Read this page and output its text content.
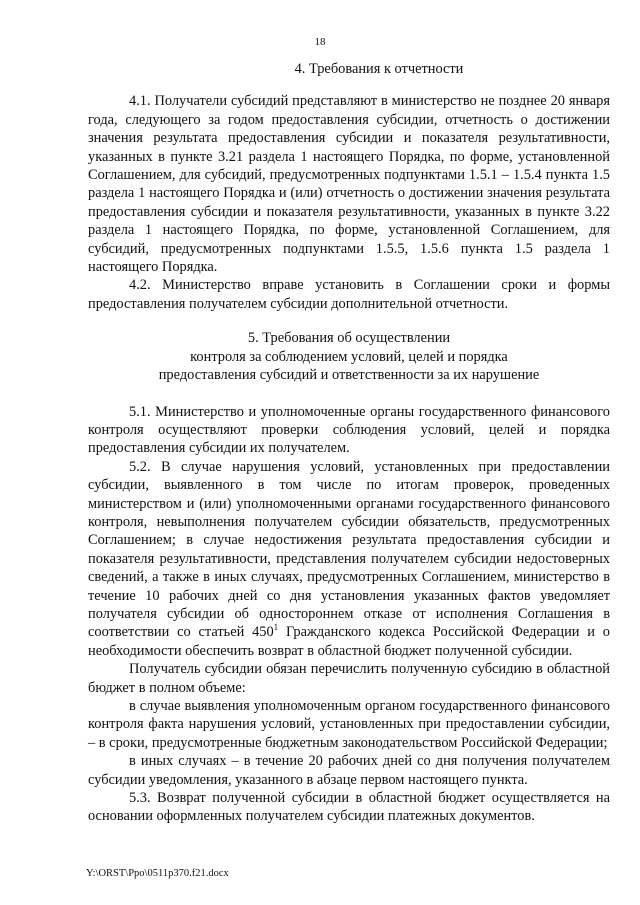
18

4. Требования к отчетности

4.1. Получатели субсидий представляют в министерство не позднее 20 января года, следующего за годом предоставления субсидии, отчетность о достижении значения результата предоставления субсидии и показателя результативности, указанных в пункте 3.21 раздела 1 настоящего Порядка, по форме, установленной Соглашением, для субсидий, предусмотренных подпунктами 1.5.1 – 1.5.4 пункта 1.5 раздела 1 настоящего Порядка и (или) отчетность о достижении значения результата предоставления субсидии и показателя результативности, указанных в пункте 3.22 раздела 1 настоящего Порядка, по форме, установленной Соглашением, для субсидий, предусмотренных подпунктами 1.5.5, 1.5.6 пункта 1.5 раздела 1 настоящего Порядка.

4.2. Министерство вправе установить в Соглашении сроки и формы предоставления получателем субсидии дополнительной отчетности.

5. Требования об осуществлении
контроля за соблюдением условий, целей и порядка
предоставления субсидий и ответственности за их нарушение

5.1. Министерство и уполномоченные органы государственного финансового контроля осуществляют проверки соблюдения условий, целей и порядка предоставления субсидии их получателем.

5.2. В случае нарушения условий, установленных при предоставлении субсидии, выявленного в том числе по итогам проверок, проведенных министерством и (или) уполномоченными органами государственного финансового контроля, невыполнения получателем субсидии обязательств, предусмотренных Соглашением; в случае недостижения результата предоставления субсидии и показателя результативности, представления получателем субсидии недостоверных сведений, а также в иных случаях, предусмотренных Соглашением, министерство в течение 10 рабочих дней со дня установления указанных фактов уведомляет получателя субсидии об одностороннем отказе от исполнения Соглашения в соответствии со статьей $450^1$ Гражданского кодекса Российской Федерации и о необходимости обеспечить возврат в областной бюджет полученной субсидии.

Получатель субсидии обязан перечислить полученную субсидию в областной бюджет в полном объеме:

в случае выявления уполномоченным органом государственного финансового контроля факта нарушения условий, установленных при предоставлении субсидии, – в сроки, предусмотренные бюджетным законодательством Российской Федерации;

в иных случаях – в течение 20 рабочих дней со дня получения получателем субсидии уведомления, указанного в абзаце первом настоящего пункта.

5.3. Возврат полученной субсидии в областной бюджет осуществляется на основании оформленных получателем субсидии платежных документов.

Y:\ORST\Ppo\0511p370.f21.docx
